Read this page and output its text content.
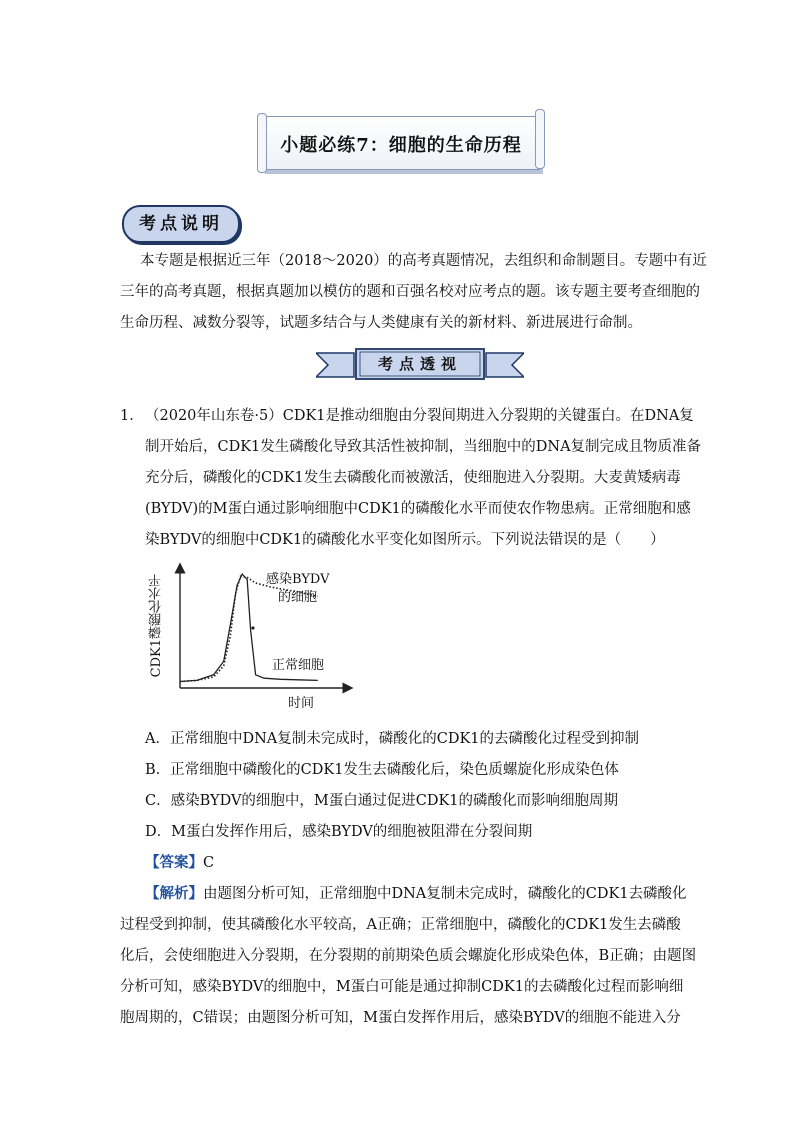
小题必练7：细胞的生命历程
考点说明
本专题是根据近三年（2018～2020）的高考真题情况，去组织和命制题目。专题中有近
三年的高考真题，根据真题加以模仿的题和百强名校对应考点的题。该专题主要考查细胞的
生命历程、减数分裂等，试题多结合与人类健康有关的新材料、新进展进行命制。
考点透视
1． （2020年山东卷·5）CDK1是推动细胞由分裂间期进入分裂期的关键蛋白。在DNA复
制开始后，CDK1发生磷酸化导致其活性被抑制，当细胞中的DNA复制完成且物质准备
充分后，磷酸化的CDK1发生去磷酸化而被激活，使细胞进入分裂期。大麦黄矮病毒
(BYDV)的M蛋白通过影响细胞中CDK1的磷酸化水平而使农作物患病。正常细胞和感
染BYDV的细胞中CDK1的磷酸化水平变化如图所示。下列说法错误的是（　　）
CDK1磷酸化水平
时间
感染BYDV
的细胞
正常细胞
A．正常细胞中DNA复制未完成时，磷酸化的CDK1的去磷酸化过程受到抑制
B．正常细胞中磷酸化的CDK1发生去磷酸化后，染色质螺旋化形成染色体
C．感染BYDV的细胞中，M蛋白通过促进CDK1的磷酸化而影响细胞周期
D．M蛋白发挥作用后，感染BYDV的细胞被阻滞在分裂间期
【答案】C
【解析】由题图分析可知，正常细胞中DNA复制未完成时，磷酸化的CDK1去磷酸化
过程受到抑制，使其磷酸化水平较高，A正确；正常细胞中，磷酸化的CDK1发生去磷酸
化后，会使细胞进入分裂期，在分裂期的前期染色质会螺旋化形成染色体，B正确；由题图
分析可知，感染BYDV的细胞中，M蛋白可能是通过抑制CDK1的去磷酸化过程而影响细
胞周期的，C错误；由题图分析可知，M蛋白发挥作用后，感染BYDV的细胞不能进入分
